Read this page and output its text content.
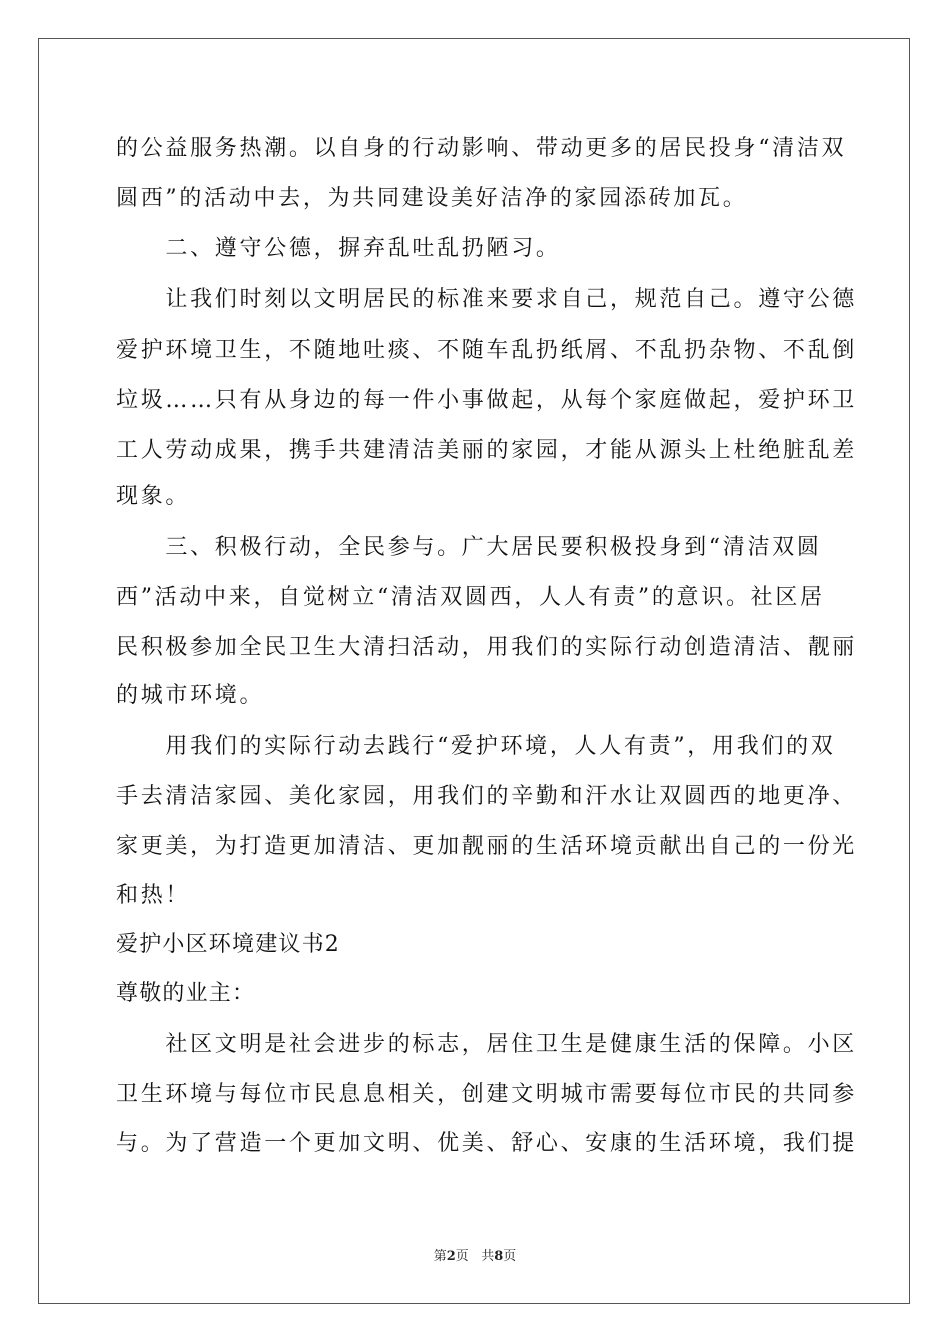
的公益服务热潮。以自身的行动影响、带动更多的居民投身“清洁双
圆西”的活动中去，为共同建设美好洁净的家园添砖加瓦。
　　二、遵守公德，摒弃乱吐乱扔陋习。
　　让我们时刻以文明居民的标准来要求自己，规范自己。遵守公德
爱护环境卫生，不随地吐痰、不随车乱扔纸屑、不乱扔杂物、不乱倒
垃圾……只有从身边的每一件小事做起，从每个家庭做起，爱护环卫
工人劳动成果，携手共建清洁美丽的家园，才能从源头上杜绝脏乱差
现象。
　　三、积极行动，全民参与。广大居民要积极投身到“清洁双圆
西”活动中来，自觉树立“清洁双圆西，人人有责”的意识。社区居
民积极参加全民卫生大清扫活动，用我们的实际行动创造清洁、靓丽
的城市环境。
　　用我们的实际行动去践行“爱护环境，人人有责”，用我们的双
手去清洁家园、美化家园，用我们的辛勤和汗水让双圆西的地更净、
家更美，为打造更加清洁、更加靓丽的生活环境贡献出自己的一份光
和热！
爱护小区环境建议书2
尊敬的业主：
　　社区文明是社会进步的标志，居住卫生是健康生活的保障。小区
卫生环境与每位市民息息相关，创建文明城市需要每位市民的共同参
与。为了营造一个更加文明、优美、舒心、安康的生活环境，我们提
第2页 共8页
